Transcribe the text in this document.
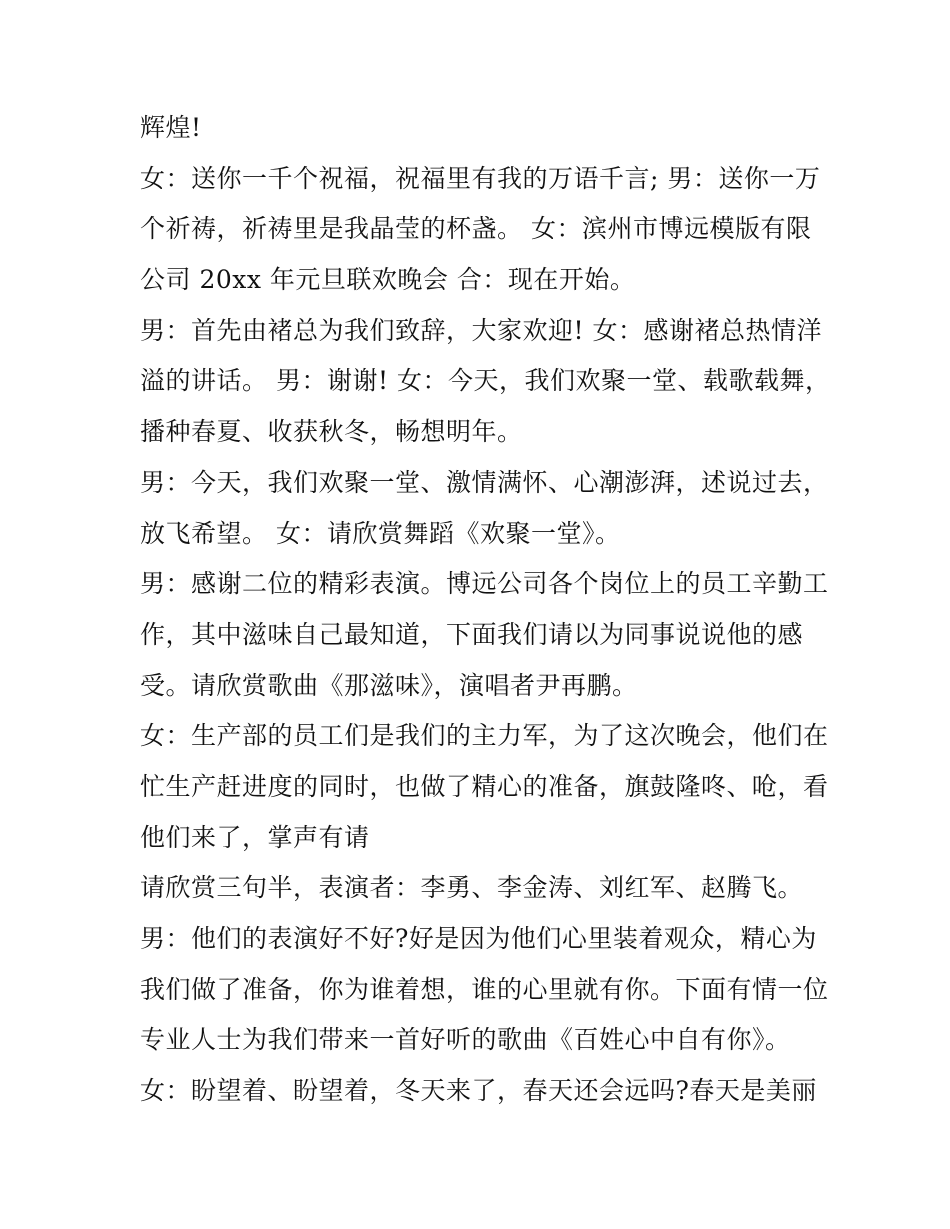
辉煌!
女：送你一千个祝福，祝福里有我的万语千言; 男：送你一万
个祈祷，祈祷里是我晶莹的杯盏。 女：滨州市博远模版有限
公司 20xx 年元旦联欢晚会 合：现在开始。
男：首先由褚总为我们致辞，大家欢迎! 女：感谢褚总热情洋
溢的讲话。 男：谢谢! 女：今天，我们欢聚一堂、载歌载舞，
播种春夏、收获秋冬，畅想明年。
男：今天，我们欢聚一堂、激情满怀、心潮澎湃，述说过去，
放飞希望。 女：请欣赏舞蹈《欢聚一堂》。
男：感谢二位的精彩表演。博远公司各个岗位上的员工辛勤工
作，其中滋味自己最知道，下面我们请以为同事说说他的感
受。请欣赏歌曲《那滋味》，演唱者尹再鹏。
女：生产部的员工们是我们的主力军，为了这次晚会，他们在
忙生产赶进度的同时，也做了精心的准备，旗鼓隆咚、呛，看
他们来了，掌声有请
请欣赏三句半，表演者：李勇、李金涛、刘红军、赵腾飞。
男：他们的表演好不好?好是因为他们心里装着观众，精心为
我们做了准备，你为谁着想，谁的心里就有你。下面有情一位
专业人士为我们带来一首好听的歌曲《百姓心中自有你》。
女：盼望着、盼望着，冬天来了，春天还会远吗?春天是美丽
